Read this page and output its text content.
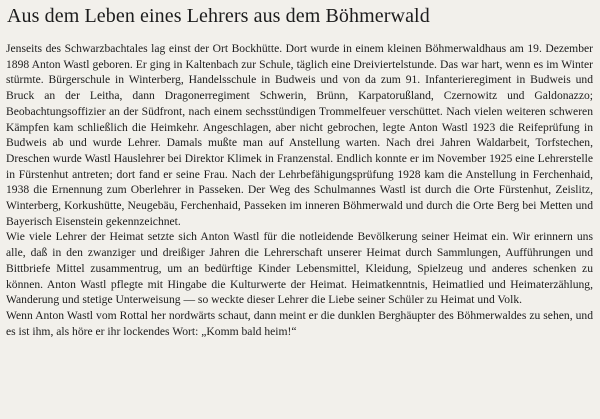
Aus dem Leben eines Lehrers aus dem Böhmerwald

Jenseits des Schwarzbachtales lag einst der Ort Bockhütte. Dort wurde in einem kleinen Böhmerwaldhaus am 19. Dezember 1898 Anton Wastl geboren. Er ging in Kaltenbach zur Schule, täglich eine Dreiviertelstunde. Das war hart, wenn es im Winter stürmte. Bürgerschule in Winterberg, Handelsschule in Budweis und von da zum 91. Infanterieregiment in Budweis und Bruck an der Leitha, dann Dragonerregiment Schwerin, Brünn, Karpatorußland, Czernowitz und Galdonazzo; Beobachtungsoffizier an der Südfront, nach einem sechsstündigen Trommelfeuer verschüttet. Nach vielen weiteren schweren Kämpfen kam schließlich die Heimkehr. Angeschlagen, aber nicht gebrochen, legte Anton Wastl 1923 die Reifeprüfung in Budweis ab und wurde Lehrer. Damals mußte man auf Anstellung warten. Nach drei Jahren Waldarbeit, Torfstechen, Dreschen wurde Wastl Hauslehrer bei Direktor Klimek in Franzenstal. Endlich konnte er im November 1925 eine Lehrerstelle in Fürstenhut antreten; dort fand er seine Frau. Nach der Lehrbefähigungsprüfung 1928 kam die Anstellung in Ferchenhaid, 1938 die Ernennung zum Oberlehrer in Passeken. Der Weg des Schulmannes Wastl ist durch die Orte Fürstenhut, Zeislitz, Winterberg, Korkushütte, Neugebäu, Ferchenhaid, Passeken im inneren Böhmerwald und durch die Orte Berg bei Metten und Bayerisch Eisenstein gekennzeichnet.

Wie viele Lehrer der Heimat setzte sich Anton Wastl für die notleidende Bevölkerung seiner Heimat ein. Wir erinnern uns alle, daß in den zwanziger und dreißiger Jahren die Lehrerschaft unserer Heimat durch Sammlungen, Aufführungen und Bittbriefe Mittel zusammentrug, um an bedürftige Kinder Lebensmittel, Kleidung, Spielzeug und anderes schenken zu können. Anton Wastl pflegte mit Hingabe die Kulturwerte der Heimat. Heimatkenntnis, Heimatlied und Heimaterzählung, Wanderung und stetige Unterweisung — so weckte dieser Lehrer die Liebe seiner Schüler zu Heimat und Volk.

Wenn Anton Wastl vom Rottal her nordwärts schaut, dann meint er die dunklen Berghäupter des Böhmerwaldes zu sehen, und es ist ihm, als höre er ihr lockendes Wort: „Komm bald heim!“
